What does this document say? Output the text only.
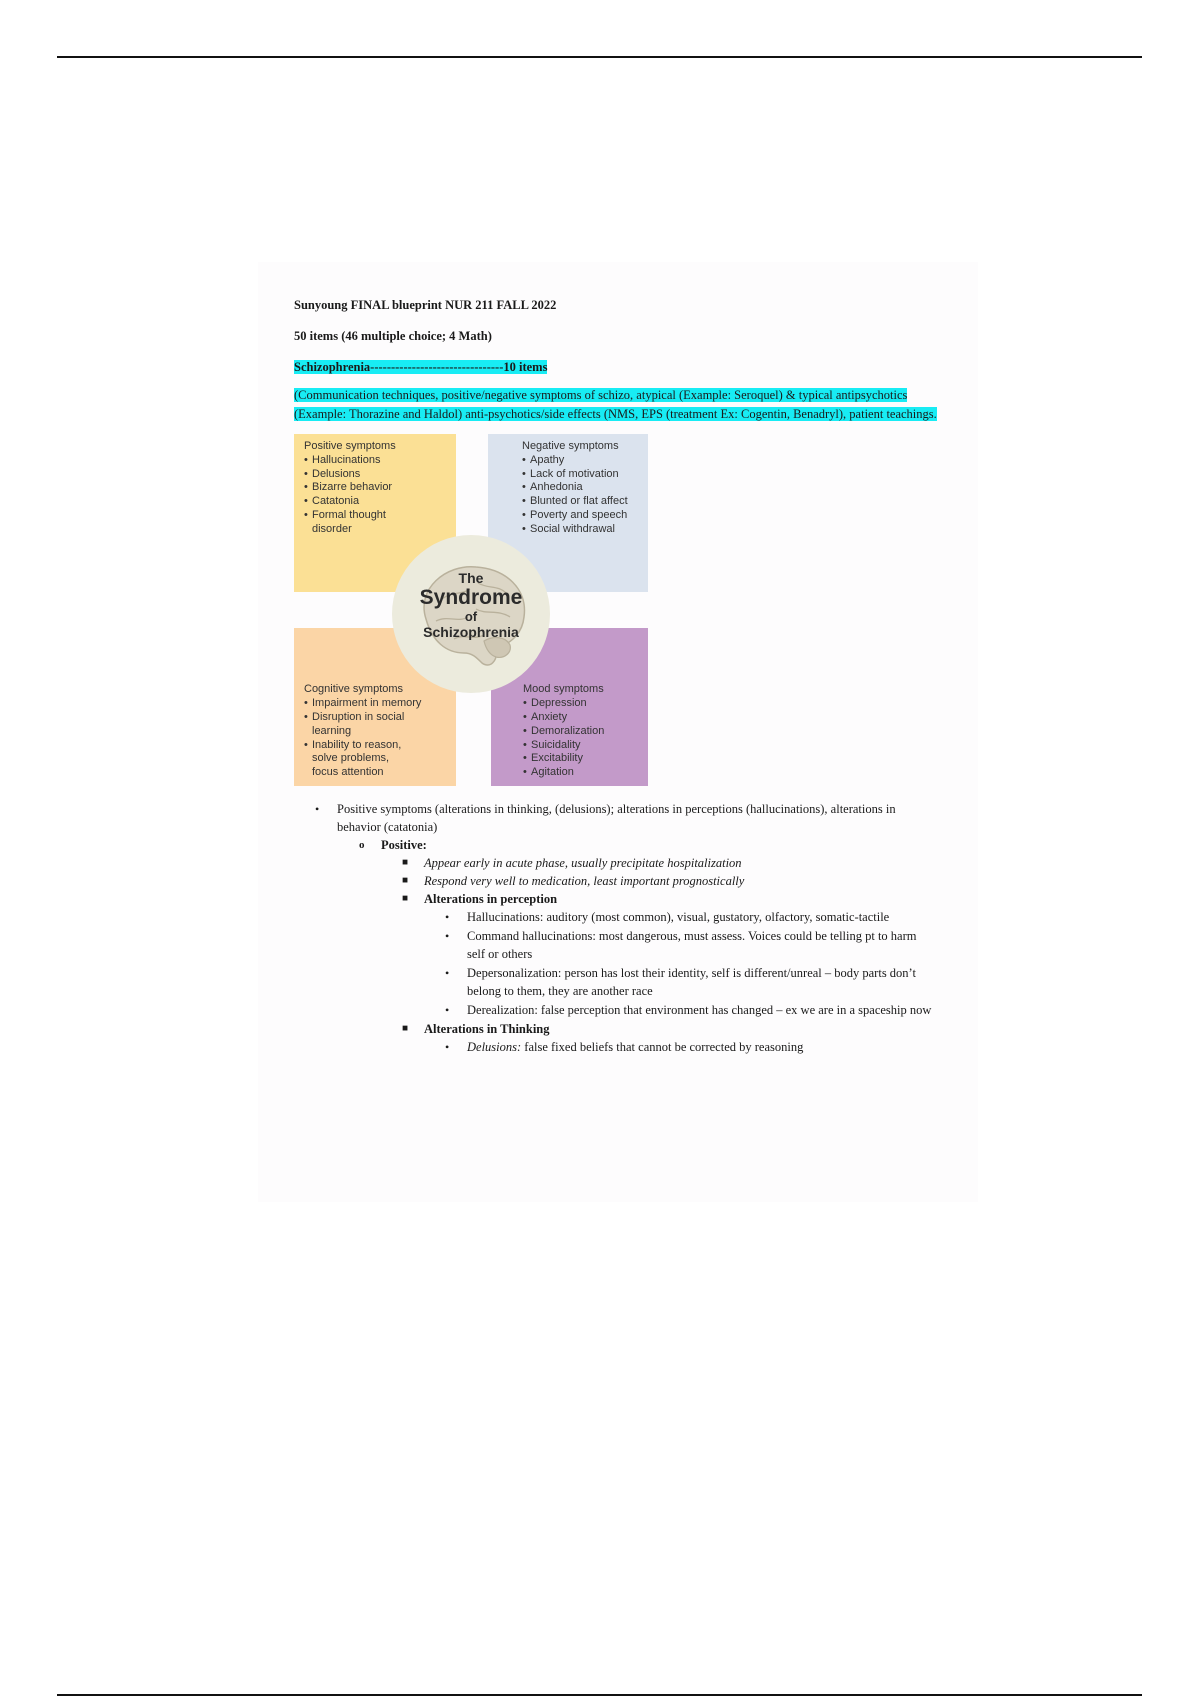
Sunyoung FINAL blueprint NUR 211 FALL 2022

50 items (46 multiple choice; 4 Math)

Schizophrenia--------------------------------10 items

(Communication techniques, positive/negative symptoms of schizo, atypical (Example: Seroquel) & typical antipsychotics (Example: Thorazine and Haldol) anti-psychotics/side effects (NMS, EPS (treatment Ex: Cogentin, Benadryl), patient teachings.

Positive symptoms
• Hallucinations
• Delusions
• Bizarre behavior
• Catatonia
• Formal thought disorder
Negative symptoms
• Apathy
• Lack of motivation
• Anhedonia
• Blunted or flat affect
• Poverty and speech
• Social withdrawal
Cognitive symptoms
• Impairment in memory
• Disruption in social learning
• Inability to reason, solve problems, focus attention
Mood symptoms
• Depression
• Anxiety
• Demoralization
• Suicidality
• Excitability
• Agitation
The
Syndrome
of
Schizophrenia
• Positive symptoms (alterations in thinking, (delusions); alterations in perceptions (hallucinations), alterations in behavior (catatonia)
o Positive:
■ Appear early in acute phase, usually precipitate hospitalization
■ Respond very well to medication, least important prognostically
■ Alterations in perception
• Hallucinations: auditory (most common), visual, gustatory, olfactory, somatic-tactile
• Command hallucinations: most dangerous, must assess. Voices could be telling pt to harm self or others
• Depersonalization: person has lost their identity, self is different/unreal – body parts don’t belong to them, they are another race
• Derealization: false perception that environment has changed – ex we are in a spaceship now
■ Alterations in Thinking
• Delusions: false fixed beliefs that cannot be corrected by reasoning
